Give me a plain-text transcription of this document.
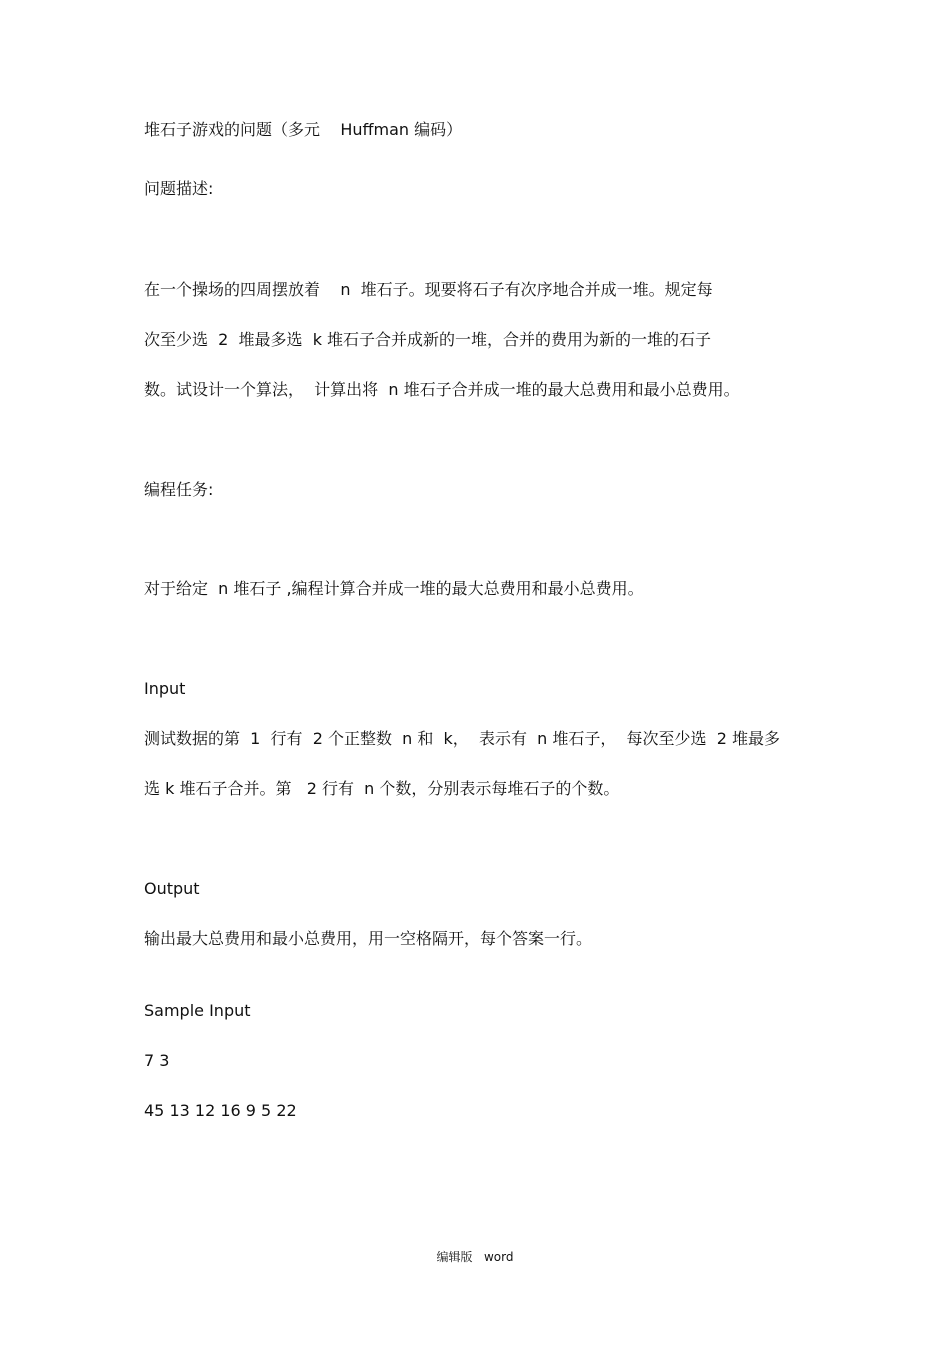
堆石子游戏的问题（多元    Huffman 编码）
问题描述:
在一个操场的四周摆放着    n  堆石子。现要将石子有次序地合并成一堆。规定每
次至少选  2  堆最多选  k 堆石子合并成新的一堆，合并的费用为新的一堆的石子
数。试设计一个算法，  计算出将  n 堆石子合并成一堆的最大总费用和最小总费用。
编程任务:
对于给定  n 堆石子 ,编程计算合并成一堆的最大总费用和最小总费用。
Input
测试数据的第  1  行有  2 个正整数  n 和  k，  表示有  n 堆石子，  每次至少选  2 堆最多
选 k 堆石子合并。第   2 行有  n 个数，分别表示每堆石子的个数。
Output
输出最大总费用和最小总费用，用一空格隔开，每个答案一行。
Sample Input
7 3
45 13 12 16 9 5 22
编辑版   word
